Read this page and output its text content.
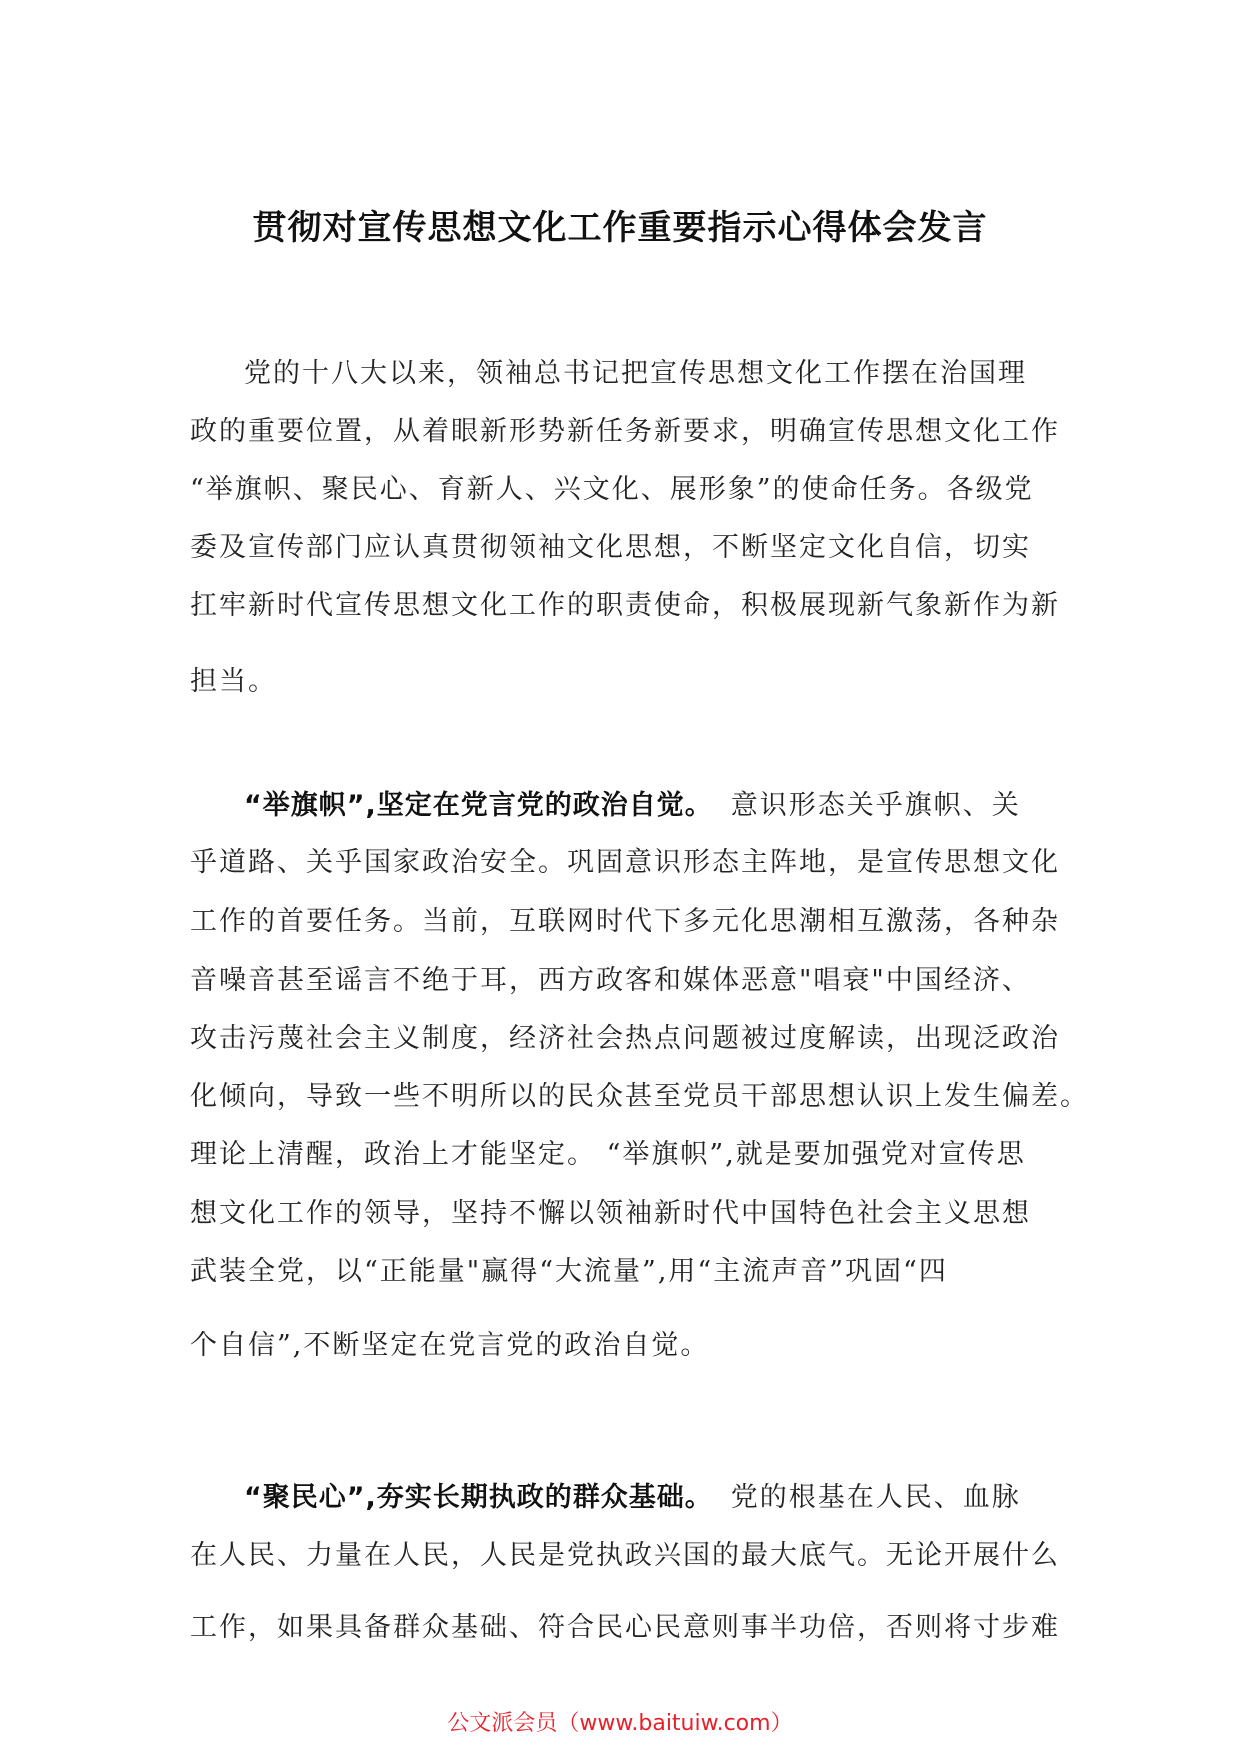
贯彻对宣传思想文化工作重要指示心得体会发言
党的十八大以来，领袖总书记把宣传思想文化工作摆在治国理
政的重要位置，从着眼新形势新任务新要求，明确宣传思想文化工作
“举旗帜、聚民心、育新人、兴文化、展形象”的使命任务。各级党
委及宣传部门应认真贯彻领袖文化思想，不断坚定文化自信，切实
扛牢新时代宣传思想文化工作的职责使命，积极展现新气象新作为新
担当。
“举旗帜”,坚定在党言党的政治自觉。 意识形态关乎旗帜、关
乎道路、关乎国家政治安全。巩固意识形态主阵地，是宣传思想文化
工作的首要任务。当前，互联网时代下多元化思潮相互激荡，各种杂
音噪音甚至谣言不绝于耳，西方政客和媒体恶意"唱衰"中国经济、
攻击污蔑社会主义制度，经济社会热点问题被过度解读，出现泛政治
化倾向，导致一些不明所以的民众甚至党员干部思想认识上发生偏差。
理论上清醒，政治上才能坚定。 “举旗帜”,就是要加强党对宣传思
想文化工作的领导，坚持不懈以领袖新时代中国特色社会主义思想
武装全党，以“正能量"赢得“大流量”,用“主流声音”巩固“四
个自信”,不断坚定在党言党的政治自觉。
“聚民心”,夯实长期执政的群众基础。 党的根基在人民、血脉
在人民、力量在人民，人民是党执政兴国的最大底气。无论开展什么
工作，如果具备群众基础、符合民心民意则事半功倍，否则将寸步难
公文派会员（www.baituiw.com）
